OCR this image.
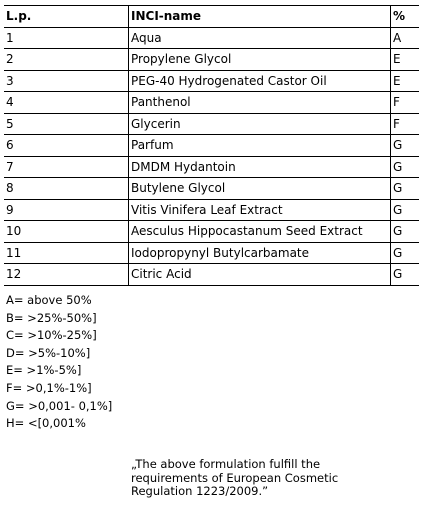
L.p.	INCI-name	%
1	Aqua	A
2	Propylene Glycol	E
3	PEG-40 Hydrogenated Castor Oil	E
4	Panthenol	F
5	Glycerin	F
6	Parfum	G
7	DMDM Hydantoin	G
8	Butylene Glycol	G
9	Vitis Vinifera Leaf Extract	G
10	Aesculus Hippocastanum Seed Extract	G
11	Iodopropynyl Butylcarbamate	G
12	Citric Acid	G
A= above 50%
B= >25%-50%]
C= >10%-25%]
D= >5%-10%]
E= >1%-5%]
F= >0,1%-1%]
G= >0,001- 0,1%]
H= <[0,001%
„The above formulation fulfill the requirements of European Cosmetic Regulation 1223/2009.”
